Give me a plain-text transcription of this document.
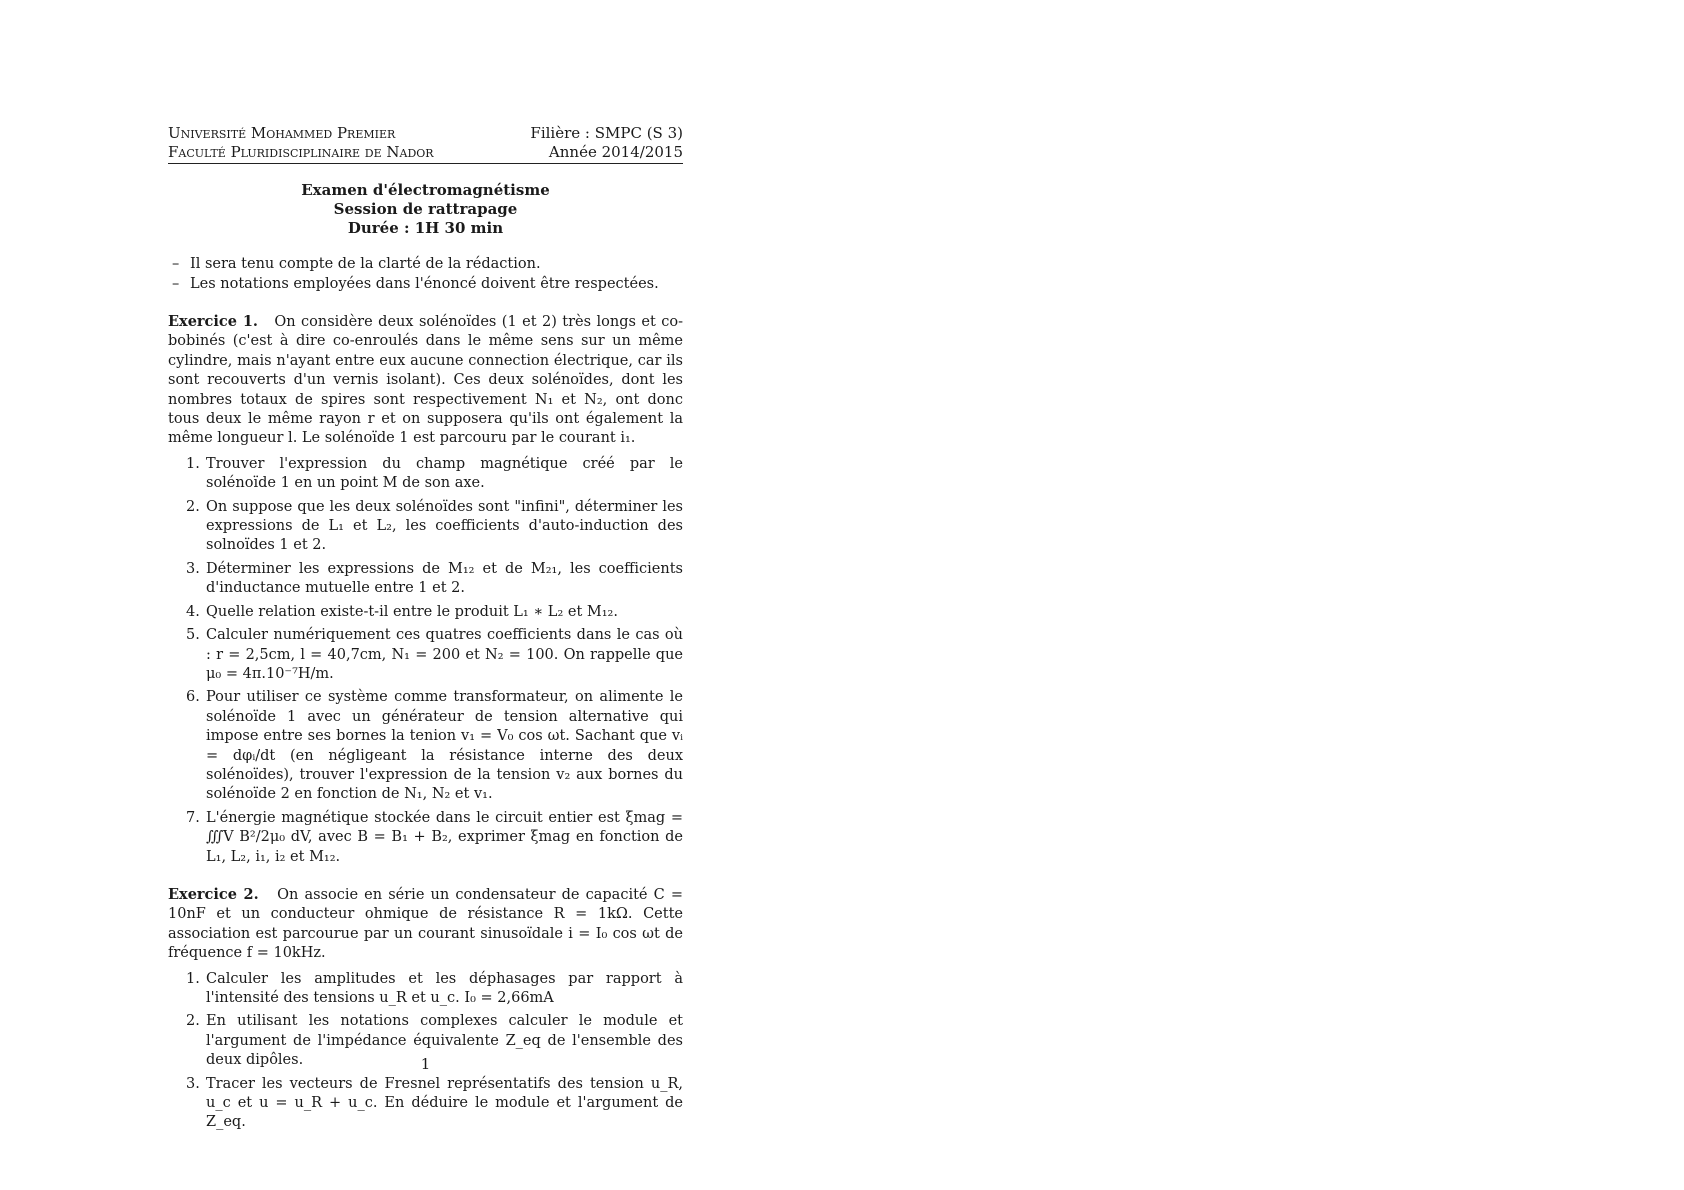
Université Mohammed Premier
Faculté Pluridisciplinaire de Nador
Filière : SMPC (S 3)
Année 2014/2015
Examen d'électromagnétisme
Session de rattrapage
Durée : 1H 30 min
– Il sera tenu compte de la clarté de la rédaction.
– Les notations employées dans l'énoncé doivent être respectées.
Exercice 1. On considère deux solénoïdes (1 et 2) très longs et co-bobinés (c'est à dire co-enroulés dans le même sens sur un même cylindre, mais n'ayant entre eux aucune connection électrique, car ils sont recouverts d'un vernis isolant). Ces deux solénoïdes, dont les nombres totaux de spires sont respectivement N₁ et N₂, ont donc tous deux le même rayon r et on supposera qu'ils ont également la même longueur l. Le solénoïde 1 est parcouru par le courant i₁.
1. Trouver l'expression du champ magnétique créé par le solénoïde 1 en un point M de son axe.
2. On suppose que les deux solénoïdes sont "infini", déterminer les expressions de L₁ et L₂, les coefficients d'auto-induction des solnoïdes 1 et 2.
3. Déterminer les expressions de M₁₂ et de M₂₁, les coefficients d'inductance mutuelle entre 1 et 2.
4. Quelle relation existe-t-il entre le produit L₁ ∗ L₂ et M₁₂.
5. Calculer numériquement ces quatres coefficients dans le cas où : r = 2,5cm, l = 40,7cm, N₁ = 200 et N₂ = 100. On rappelle que μ₀ = 4π.10⁻⁷H/m.
6. Pour utiliser ce système comme transformateur, on alimente le solénoïde 1 avec un générateur de tension alternative qui impose entre ses bornes la tenion v₁ = V₀ cos ωt. Sachant que vᵢ = dφᵢ/dt (en négligeant la résistance interne des deux solénoïdes), trouver l'expression de la tension v₂ aux bornes du solénoïde 2 en fonction de N₁, N₂ et v₁.
7. L'énergie magnétique stockée dans le circuit entier est ξmag = ∭V B²/2μ₀ dV, avec B = B₁ + B₂, exprimer ξmag en fonction de L₁, L₂, i₁, i₂ et M₁₂.
Exercice 2. On associe en série un condensateur de capacité C = 10nF et un conducteur ohmique de résistance R = 1kΩ. Cette association est parcourue par un courant sinusoïdale i = I₀ cos ωt de fréquence f = 10kHz.
1. Calculer les amplitudes et les déphasages par rapport à l'intensité des tensions u_R et u_c. I₀ = 2,66mA
2. En utilisant les notations complexes calculer le module et l'argument de l'impédance équivalente Z_eq de l'ensemble des deux dipôles.
3. Tracer les vecteurs de Fresnel représentatifs des tension u_R, u_c et u = u_R + u_c. En déduire le module et l'argument de Z_eq.
1
